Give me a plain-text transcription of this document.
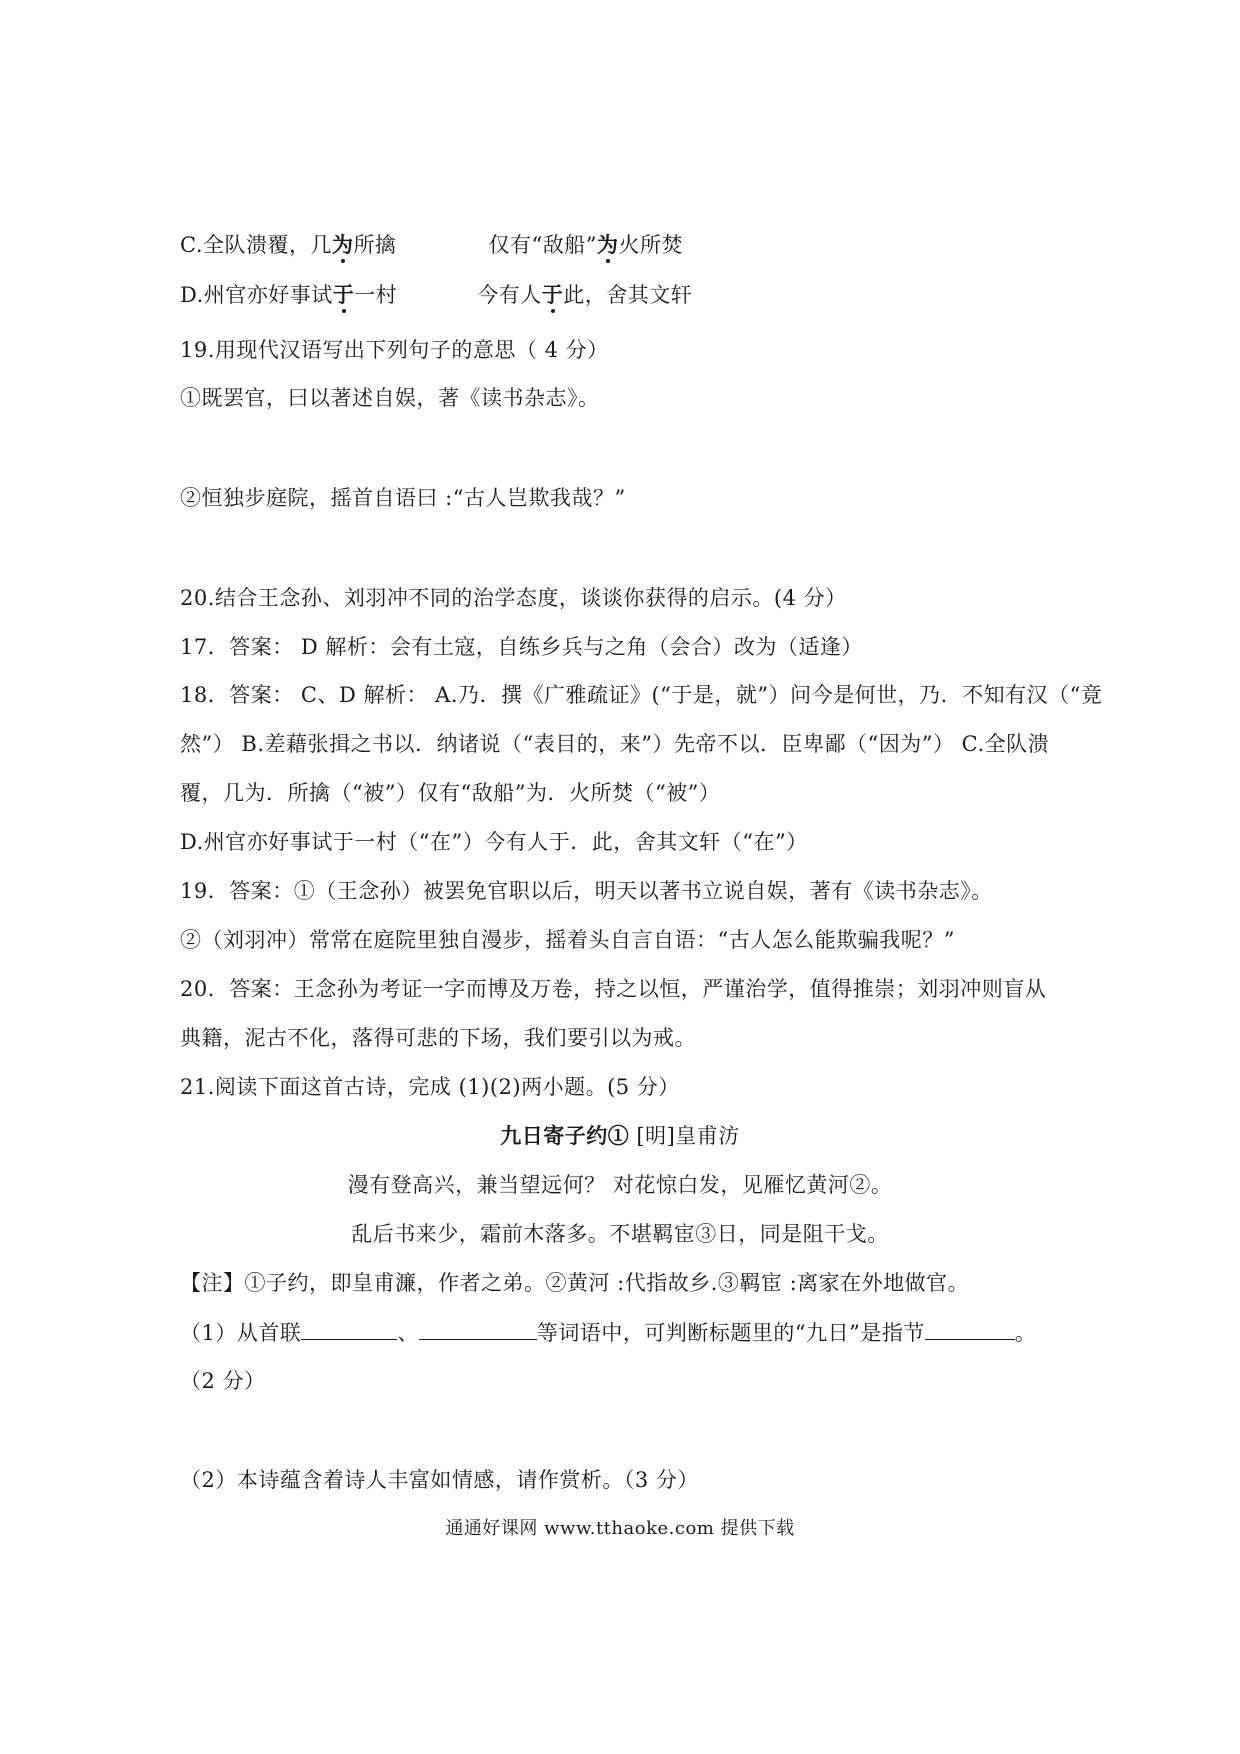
C.全队溃覆，几为所擒	仅有“敌船”为火所焚
D.州官亦好事试于一村	今有人于此，舍其文轩
19.用现代汉语写出下列句子的意思（ 4 分）
①既罢官，曰以著述自娱，著《读书杂志》。
②恒独步庭院，摇首自语曰 :“古人岂欺我哉？”
20.结合王念孙、刘羽冲不同的治学态度，谈谈你获得的启示。(4 分）
17．答案： D 解析：会有土寇，自练乡兵与之角（会合）改为（适逢）
18．答案： C、D 解析： A.乃．撰《广雅疏证》(“于是，就”）问今是何世，乃．不知有汉（“竟
然”） B.差藉张揖之书以．纳诸说（“表目的，来”）先帝不以．臣卑鄙（“因为”） C.全队溃
覆，几为．所擒（“被”）仅有“敌船”为．火所焚（“被”）
D.州官亦好事试于一村（“在”）今有人于．此，舍其文轩（“在”）
19．答案：①（王念孙）被罢免官职以后，明天以著书立说自娱，著有《读书杂志》。
②（刘羽冲）常常在庭院里独自漫步，摇着头自言自语：“古人怎么能欺骗我呢？”
20．答案：王念孙为考证一字而博及万卷，持之以恒，严谨治学，值得推崇；刘羽冲则盲从
典籍，泥古不化，落得可悲的下场，我们要引以为戒。
21.阅读下面这首古诗，完成 (1)(2)两小题。(5 分）
九日寄子约① [明]皇甫汸
漫有登高兴，兼当望远何？ 对花惊白发，见雁忆黄河②。
乱后书来少，霜前木落多。不堪羁宦③日，同是阻干戈。
【注】①子约，即皇甫濂，作者之弟。②黄河 :代指故乡.③羁宦 :离家在外地做官。
（1）从首联	、	等词语中，可判断标题里的“九日”是指节	。
（2 分）
（2）本诗蕴含着诗人丰富如情感，请作赏析。（3 分）
通通好课网 www.tthaoke.com 提供下载
